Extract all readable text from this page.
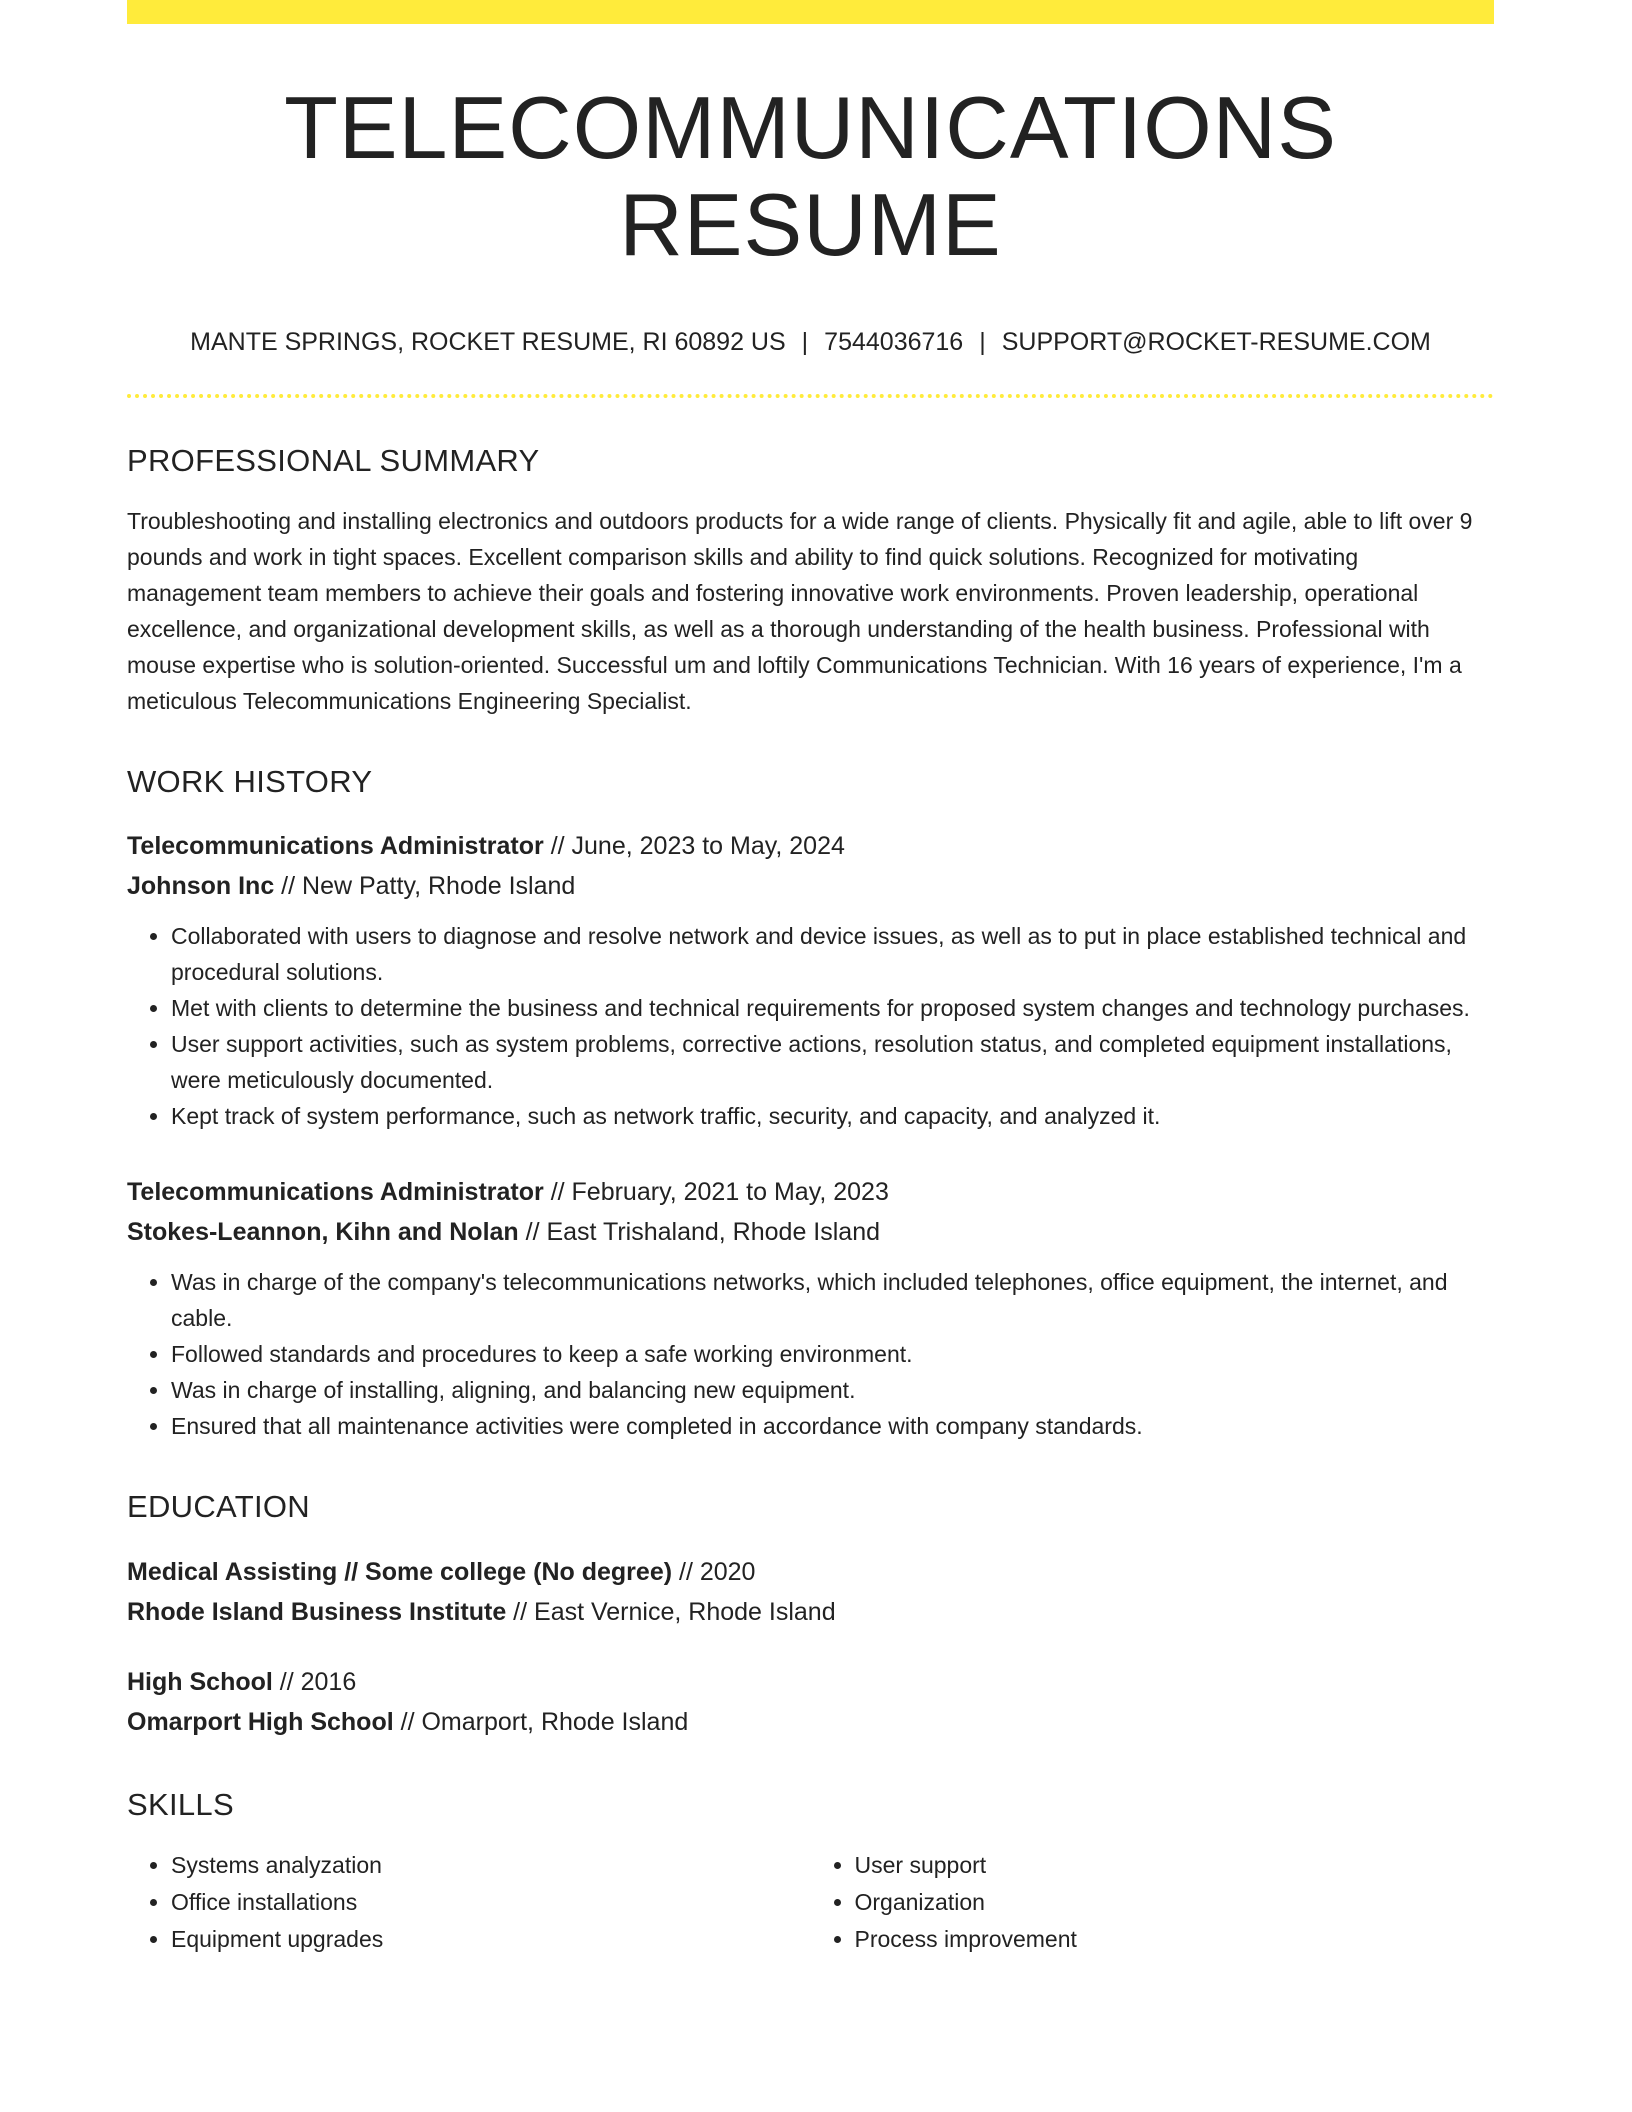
TELECOMMUNICATIONS RESUME
MANTE SPRINGS, ROCKET RESUME, RI 60892 US | 7544036716 | SUPPORT@ROCKET-RESUME.COM
PROFESSIONAL SUMMARY
Troubleshooting and installing electronics and outdoors products for a wide range of clients. Physically fit and agile, able to lift over 9 pounds and work in tight spaces. Excellent comparison skills and ability to find quick solutions. Recognized for motivating management team members to achieve their goals and fostering innovative work environments. Proven leadership, operational excellence, and organizational development skills, as well as a thorough understanding of the health business. Professional with mouse expertise who is solution-oriented. Successful um and loftily Communications Technician. With 16 years of experience, I'm a meticulous Telecommunications Engineering Specialist.
WORK HISTORY
Telecommunications Administrator // June, 2023 to May, 2024
Johnson Inc // New Patty, Rhode Island
• Collaborated with users to diagnose and resolve network and device issues, as well as to put in place established technical and procedural solutions.
• Met with clients to determine the business and technical requirements for proposed system changes and technology purchases.
• User support activities, such as system problems, corrective actions, resolution status, and completed equipment installations, were meticulously documented.
• Kept track of system performance, such as network traffic, security, and capacity, and analyzed it.
Telecommunications Administrator // February, 2021 to May, 2023
Stokes-Leannon, Kihn and Nolan // East Trishaland, Rhode Island
• Was in charge of the company's telecommunications networks, which included telephones, office equipment, the internet, and cable.
• Followed standards and procedures to keep a safe working environment.
• Was in charge of installing, aligning, and balancing new equipment.
• Ensured that all maintenance activities were completed in accordance with company standards.
EDUCATION
Medical Assisting // Some college (No degree) // 2020
Rhode Island Business Institute // East Vernice, Rhode Island
High School // 2016
Omarport High School // Omarport, Rhode Island
SKILLS
• Systems analyzation
• Office installations
• Equipment upgrades
• User support
• Organization
• Process improvement
